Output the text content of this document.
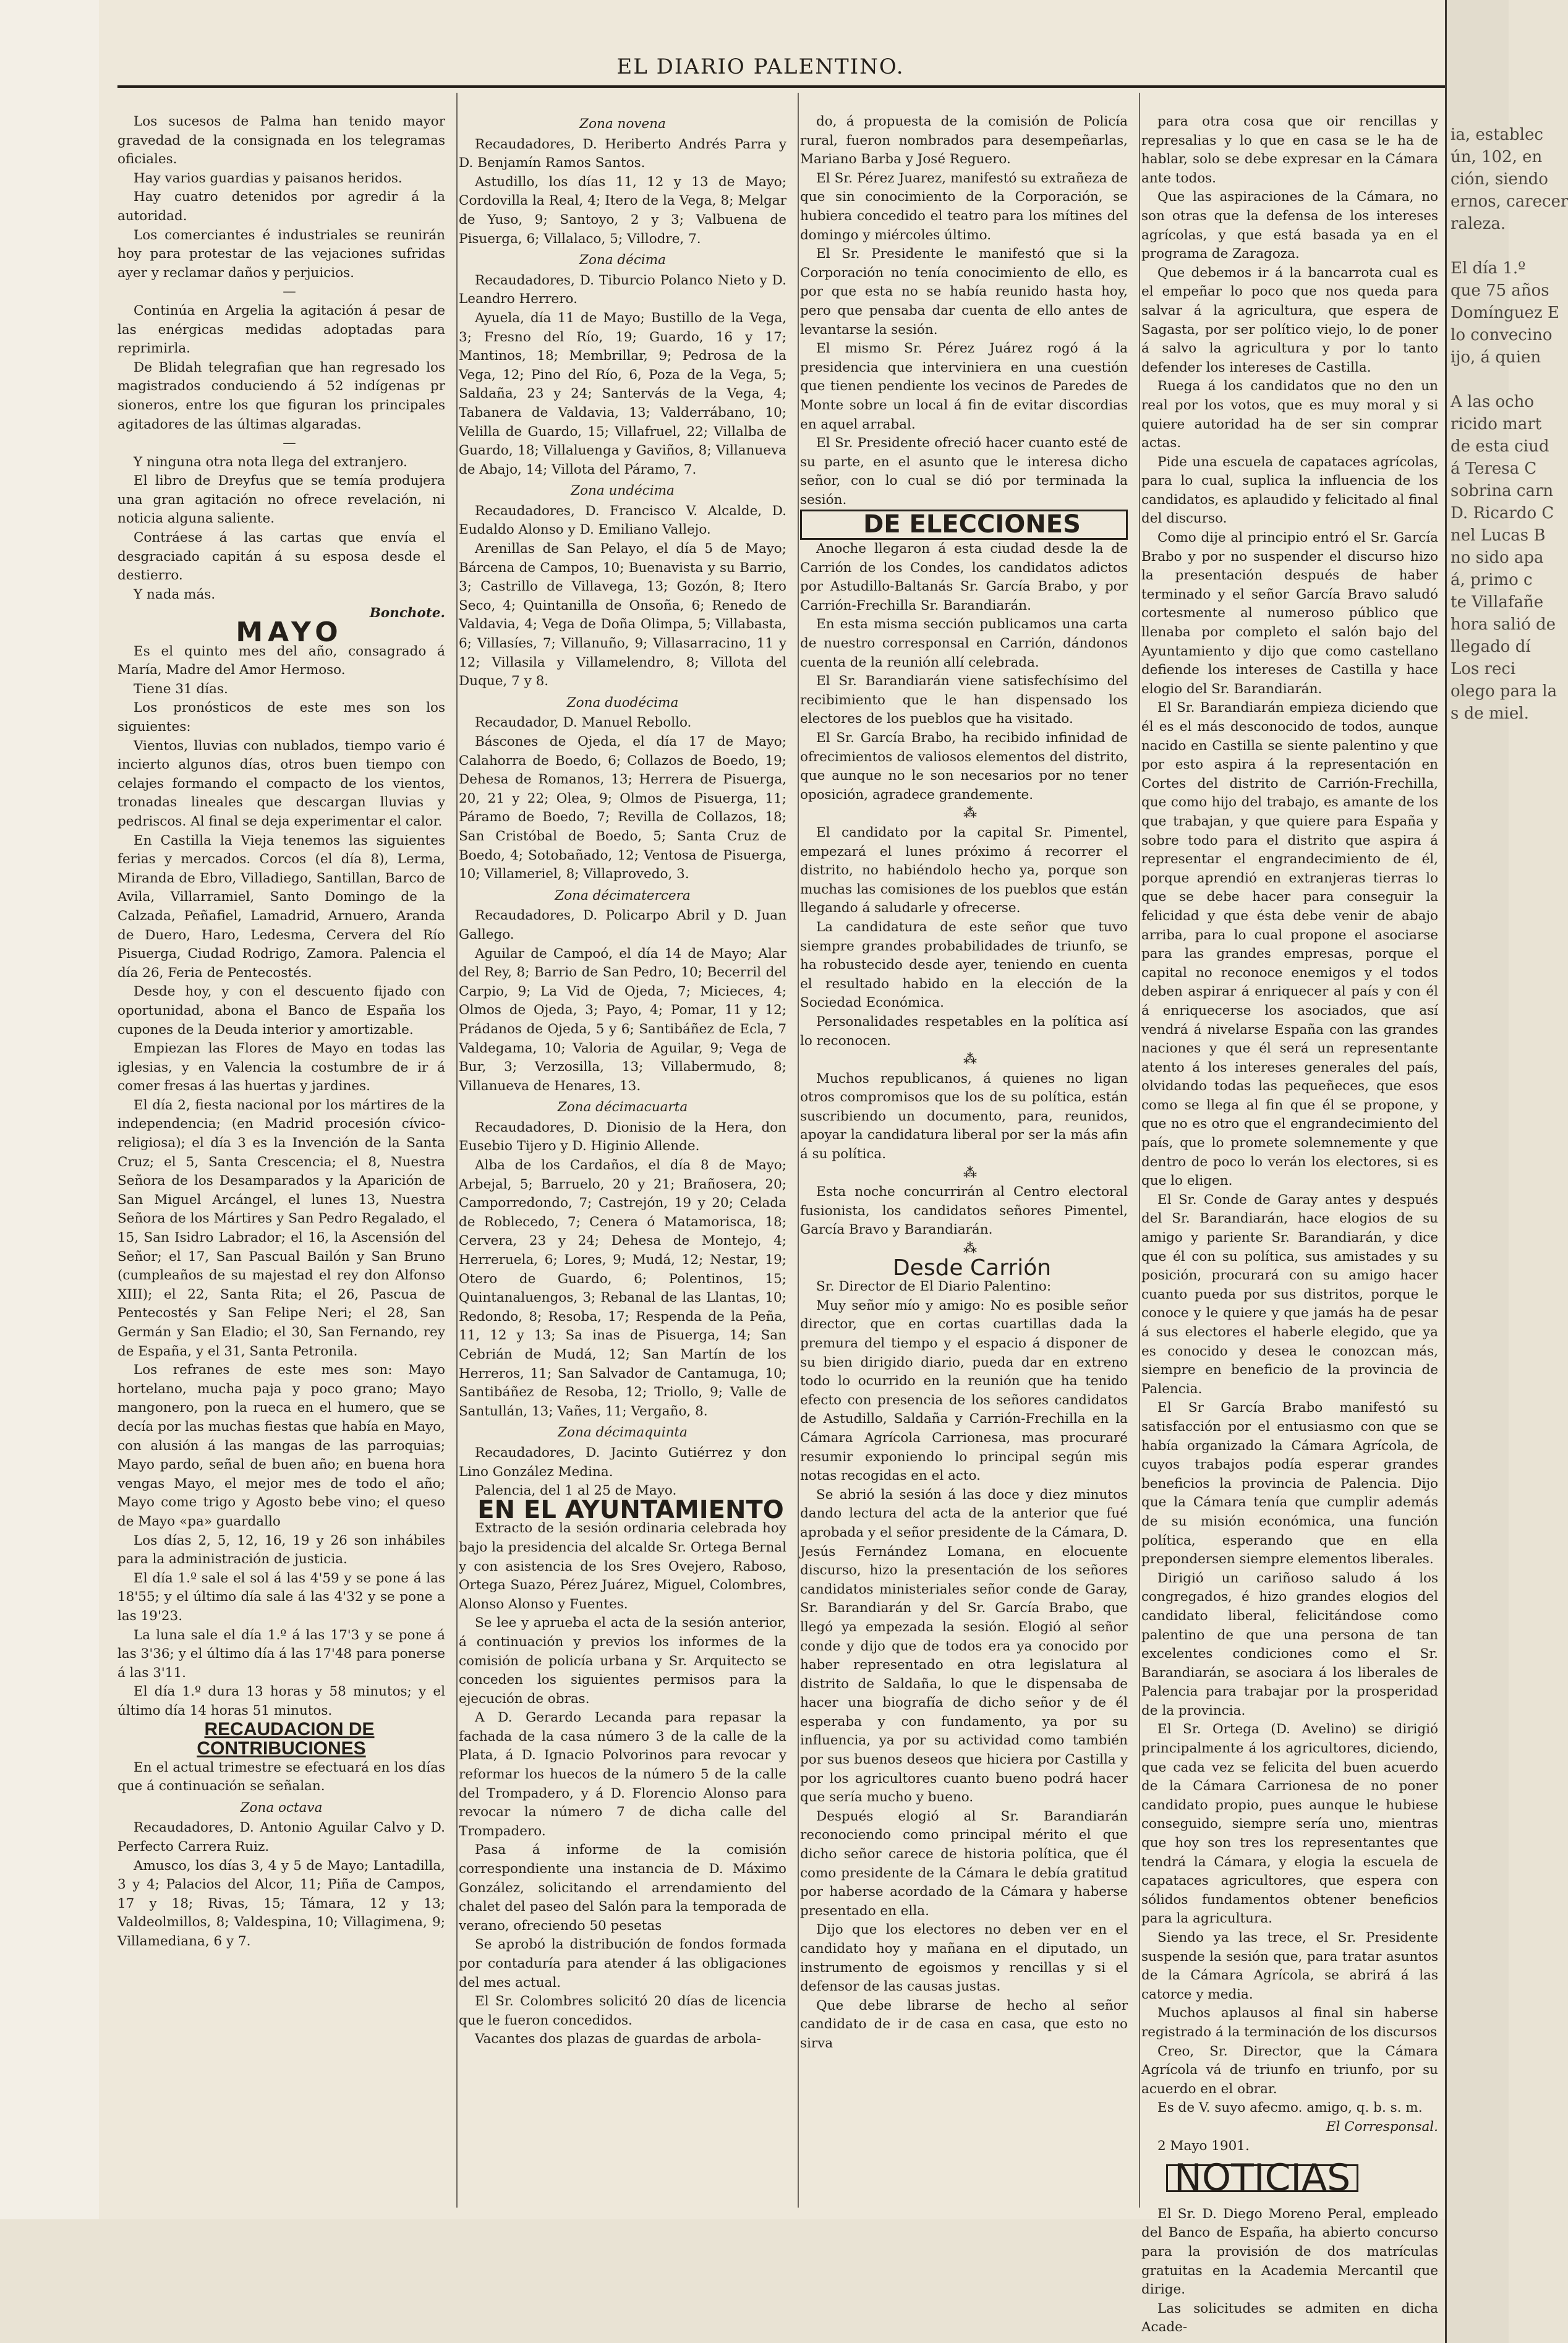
EL DIARIO PALENTINO.

Los sucesos de Palma han tenido mayor gravedad de la consignada en los telegramas oficiales.

Hay varios guardias y paisanos heridos.

Hay cuatro detenidos por agredir á la autoridad.

Los comerciantes é industriales se reunirán hoy para protestar de las vejaciones sufridas ayer y reclamar daños y perjuicios.

—

Continúa en Argelia la agitación á pesar de las enérgicas medidas adoptadas para reprimirla.

De Blidah telegrafian que han regresado los magistrados conduciendo á 52 indígenas pr sioneros, entre los que figuran los principales agitadores de las últimas algaradas.

—

Y ninguna otra nota llega del extranjero.

El libro de Dreyfus que se temía produjera una gran agitación no ofrece revelación, ni noticia alguna saliente.

Contráese á las cartas que envía el desgraciado capitán á su esposa desde el destierro.

Y nada más.

Bonchote.

MAYO

Es el quinto mes del año, consagrado á María, Madre del Amor Hermoso.

Tiene 31 días.

Los pronósticos de este mes son los siguientes:

Vientos, lluvias con nublados, tiempo vario é incierto algunos días, otros buen tiempo con celajes formando el compacto de los vientos, tronadas lineales que descargan lluvias y pedriscos. Al final se deja experimentar el calor.

En Castilla la Vieja tenemos las siguientes ferias y mercados. Corcos (el día 8), Lerma, Miranda de Ebro, Villadiego, Santillan, Barco de Avila, Villarramiel, Santo Domingo de la Calzada, Peñafiel, Lamadrid, Arnuero, Aranda de Duero, Haro, Ledesma, Cervera del Río Pisuerga, Ciudad Rodrigo, Zamora. Palencia el día 26, Feria de Pentecostés.

Desde hoy, y con el descuento fijado con oportunidad, abona el Banco de España los cupones de la Deuda interior y amortizable.

Empiezan las Flores de Mayo en todas las iglesias, y en Valencia la costumbre de ir á comer fresas á las huertas y jardines.

El día 2, fiesta nacional por los mártires de la independencia; (en Madrid procesión cívico-religiosa); el día 3 es la Invención de la Santa Cruz; el 5, Santa Crescencia; el 8, Nuestra Señora de los Desamparados y la Aparición de San Miguel Arcángel, el lunes 13, Nuestra Señora de los Mártires y San Pedro Regalado, el 15, San Isidro Labrador; el 16, la Ascensión del Señor; el 17, San Pascual Bailón y San Bruno (cumpleaños de su majestad el rey don Alfonso XIII); el 22, Santa Rita; el 26, Pascua de Pentecostés y San Felipe Neri; el 28, San Germán y San Eladio; el 30, San Fernando, rey de España, y el 31, Santa Petronila.

Los refranes de este mes son: Mayo hortelano, mucha paja y poco grano; Mayo mangonero, pon la rueca en el humero, que se decía por las muchas fiestas que había en Mayo, con alusión á las mangas de las parroquias; Mayo pardo, señal de buen año; en buena hora vengas Mayo, el mejor mes de todo el año; Mayo come trigo y Agosto bebe vino; el queso de Mayo «pa» guardallo

Los días 2, 5, 12, 16, 19 y 26 son inhábiles para la administración de justicia.

El día 1.º sale el sol á las 4'59 y se pone á las 18'55; y el último día sale á las 4'32 y se pone a las 19'23.

La luna sale el día 1.º á las 17'3 y se pone á las 3'36; y el último día á las 17'48 para ponerse á las 3'11.

El día 1.º dura 13 horas y 58 minutos; y el último día 14 horas 51 minutos.

RECAUDACION DE CONTRIBUCIONES

En el actual trimestre se efectuará en los días que á continuación se señalan.

Zona octava

Recaudadores, D. Antonio Aguilar Calvo y D. Perfecto Carrera Ruiz.

Amusco, los días 3, 4 y 5 de Mayo; Lantadilla, 3 y 4; Palacios del Alcor, 11; Piña de Campos, 17 y 18; Rivas, 15; Támara, 12 y 13; Valdeolmillos, 8; Valdespina, 10; Villagimena, 9; Villamediana, 6 y 7.

Zona novena

Recaudadores, D. Heriberto Andrés Parra y D. Benjamín Ramos Santos.

Astudillo, los días 11, 12 y 13 de Mayo; Cordovilla la Real, 4; Itero de la Vega, 8; Melgar de Yuso, 9; Santoyo, 2 y 3; Valbuena de Pisuerga, 6; Villalaco, 5; Villodre, 7.

Zona décima

Recaudadores, D. Tiburcio Polanco Nieto y D. Leandro Herrero.

Ayuela, día 11 de Mayo; Bustillo de la Vega, 3; Fresno del Río, 19; Guardo, 16 y 17; Mantinos, 18; Membrillar, 9; Pedrosa de la Vega, 12; Pino del Río, 6, Poza de la Vega, 5; Saldaña, 23 y 24; Santervás de la Vega, 4; Tabanera de Valdavia, 13; Valderrábano, 10; Velilla de Guardo, 15; Villafruel, 22; Villalba de Guardo, 18; Villaluenga y Gaviños, 8; Villanueva de Abajo, 14; Villota del Páramo, 7.

Zona undécima

Recaudadores, D. Francisco V. Alcalde, D. Eudaldo Alonso y D. Emiliano Vallejo.

Arenillas de San Pelayo, el día 5 de Mayo; Bárcena de Campos, 10; Buenavista y su Barrio, 3; Castrillo de Villavega, 13; Gozón, 8; Itero Seco, 4; Quintanilla de Onsoña, 6; Renedo de Valdavia, 4; Vega de Doña Olimpa, 5; Villabasta, 6; Villasíes, 7; Villanuño, 9; Villasarracino, 11 y 12; Villasila y Villamelendro, 8; Villota del Duque, 7 y 8.

Zona duodécima

Recaudador, D. Manuel Rebollo.

Báscones de Ojeda, el día 17 de Mayo; Calahorra de Boedo, 6; Collazos de Boedo, 19; Dehesa de Romanos, 13; Herrera de Pisuerga, 20, 21 y 22; Olea, 9; Olmos de Pisuerga, 11; Páramo de Boedo, 7; Revilla de Collazos, 18; San Cristóbal de Boedo, 5; Santa Cruz de Boedo, 4; Sotobañado, 12; Ventosa de Pisuerga, 10; Villameriel, 8; Villaprovedo, 3.

Zona décimatercera

Recaudadores, D. Policarpo Abril y D. Juan Gallego.

Aguilar de Campoó, el día 14 de Mayo; Alar del Rey, 8; Barrio de San Pedro, 10; Becerril del Carpio, 9; La Vid de Ojeda, 7; Micieces, 4; Olmos de Ojeda, 3; Payo, 4; Pomar, 11 y 12; Prádanos de Ojeda, 5 y 6; Santibáñez de Ecla, 7 Valdegama, 10; Valoria de Aguilar, 9; Vega de Bur, 3; Verzosilla, 13; Villabermudo, 8; Villanueva de Henares, 13.

Zona décimacuarta

Recaudadores, D. Dionisio de la Hera, don Eusebio Tijero y D. Higinio Allende.

Alba de los Cardaños, el día 8 de Mayo; Arbejal, 5; Barruelo, 20 y 21; Brañosera, 20; Camporredondo, 7; Castrejón, 19 y 20; Celada de Roblecedo, 7; Cenera ó Matamorisca, 18; Cervera, 23 y 24; Dehesa de Montejo, 4; Herreruela, 6; Lores, 9; Mudá, 12; Nestar, 19; Otero de Guardo, 6; Polentinos, 15; Quintanaluengos, 3; Rebanal de las Llantas, 10; Redondo, 8; Resoba, 17; Respenda de la Peña, 11, 12 y 13; Sa inas de Pisuerga, 14; San Cebrián de Mudá, 12; San Martín de los Herreros, 11; San Salvador de Cantamuga, 10; Santibáñez de Resoba, 12; Triollo, 9; Valle de Santullán, 13; Vañes, 11; Vergaño, 8.

Zona décimaquinta

Recaudadores, D. Jacinto Gutiérrez y don Lino González Medina.

Palencia, del 1 al 25 de Mayo.

EN EL AYUNTAMIENTO

Extracto de la sesión ordinaria celebrada hoy bajo la presidencia del alcalde Sr. Ortega Bernal y con asistencia de los Sres Ovejero, Raboso, Ortega Suazo, Pérez Juárez, Miguel, Colombres, Alonso Alonso y Fuentes.

Se lee y aprueba el acta de la sesión anterior, á continuación y previos los informes de la comisión de policía urbana y Sr. Arquitecto se conceden los siguientes permisos para la ejecución de obras.

A D. Gerardo Lecanda para repasar la fachada de la casa número 3 de la calle de la Plata, á D. Ignacio Polvorinos para revocar y reformar los huecos de la número 5 de la calle del Trompadero, y á D. Florencio Alonso para revocar la número 7 de dicha calle del Trompadero.

Pasa á informe de la comisión correspondiente una instancia de D. Máximo González, solicitando el arrendamiento del chalet del paseo del Salón para la temporada de verano, ofreciendo 50 pesetas

Se aprobó la distribución de fondos formada por contaduría para atender á las obligaciones del mes actual.

El Sr. Colombres solicitó 20 días de licencia que le fueron concedidos.

Vacantes dos plazas de guardas de arbola-

do, á propuesta de la comisión de Policía rural, fueron nombrados para desempeñarlas, Mariano Barba y José Reguero.

El Sr. Pérez Juarez, manifestó su extrañeza de que sin conocimiento de la Corporación, se hubiera concedido el teatro para los mítines del domingo y miércoles último.

El Sr. Presidente le manifestó que si la Corporación no tenía conocimiento de ello, es por que esta no se había reunido hasta hoy, pero que pensaba dar cuenta de ello antes de levantarse la sesión.

El mismo Sr. Pérez Juárez rogó á la presidencia que interviniera en una cuestión que tienen pendiente los vecinos de Paredes de Monte sobre un local á fin de evitar discordias en aquel arrabal.

El Sr. Presidente ofreció hacer cuanto esté de su parte, en el asunto que le interesa dicho señor, con lo cual se dió por terminada la sesión.

DE ELECCIONES

Anoche llegaron á esta ciudad desde la de Carrión de los Condes, los candidatos adictos por Astudillo-Baltanás Sr. García Brabo, y por Carrión-Frechilla Sr. Barandiarán.

En esta misma sección publicamos una carta de nuestro corresponsal en Carrión, dándonos cuenta de la reunión allí celebrada.

El Sr. Barandiarán viene satisfechísimo del recibimiento que le han dispensado los electores de los pueblos que ha visitado.

El Sr. García Brabo, ha recibido infinidad de ofrecimientos de valiosos elementos del distrito, que aunque no le son necesarios por no tener oposición, agradece grandemente.

⁂

El candidato por la capital Sr. Pimentel, empezará el lunes próximo á recorrer el distrito, no habiéndolo hecho ya, porque son muchas las comisiones de los pueblos que están llegando á saludarle y ofrecerse.

La candidatura de este señor que tuvo siempre grandes probabilidades de triunfo, se ha robustecido desde ayer, teniendo en cuenta el resultado habido en la elección de la Sociedad Económica.

Personalidades respetables en la política así lo reconocen.

⁂

Muchos republicanos, á quienes no ligan otros compromisos que los de su política, están suscribiendo un documento, para, reunidos, apoyar la candidatura liberal por ser la más afin á su política.

⁂

Esta noche concurrirán al Centro electoral fusionista, los candidatos señores Pimentel, García Bravo y Barandiarán.

⁂

Desde Carrión

Sr. Director de El Diario Palentino:

Muy señor mío y amigo: No es posible señor director, que en cortas cuartillas dada la premura del tiempo y el espacio á disponer de su bien dirigido diario, pueda dar en extreno todo lo ocurrido en la reunión que ha tenido efecto con presencia de los señores candidatos de Astudillo, Saldaña y Carrión-Frechilla en la Cámara Agrícola Carrionesa, mas procuraré resumir exponiendo lo principal según mis notas recogidas en el acto.

Se abrió la sesión á las doce y diez minutos dando lectura del acta de la anterior que fué aprobada y el señor presidente de la Cámara, D. Jesús Fernández Lomana, en elocuente discurso, hizo la presentación de los señores candidatos ministeriales señor conde de Garay, Sr. Barandiarán y del Sr. García Brabo, que llegó ya empezada la sesión. Elogió al señor conde y dijo que de todos era ya conocido por haber representado en otra legislatura al distrito de Saldaña, lo que le dispensaba de hacer una biografía de dicho señor y de él esperaba y con fundamento, ya por su influencia, ya por su actividad como también por sus buenos deseos que hiciera por Castilla y por los agricultores cuanto bueno podrá hacer que sería mucho y bueno.

Después elogió al Sr. Barandiarán reconociendo como principal mérito el que dicho señor carece de historia política, que él como presidente de la Cámara le debía gratitud por haberse acordado de la Cámara y haberse presentado en ella.

Dijo que los electores no deben ver en el candidato hoy y mañana en el diputado, un instrumento de egoismos y rencillas y si el defensor de las causas justas.

Que debe librarse de hecho al señor candidato de ir de casa en casa, que esto no sirva

para otra cosa que oir rencillas y represalias y lo que en casa se le ha de hablar, solo se debe expresar en la Cámara ante todos.

Que las aspiraciones de la Cámara, no son otras que la defensa de los intereses agrícolas, y que está basada ya en el programa de Zaragoza.

Que debemos ir á la bancarrota cual es el empeñar lo poco que nos queda para salvar á la agricultura, que espera de Sagasta, por ser político viejo, lo de poner á salvo la agricultura y por lo tanto defender los intereses de Castilla.

Ruega á los candidatos que no den un real por los votos, que es muy moral y si quiere autoridad ha de ser sin comprar actas.

Pide una escuela de capataces agrícolas, para lo cual, suplica la influencia de los candidatos, es aplaudido y felicitado al final del discurso.

Como dije al principio entró el Sr. García Brabo y por no suspender el discurso hizo la presentación después de haber terminado y el señor García Bravo saludó cortesmente al numeroso público que llenaba por completo el salón bajo del Ayuntamiento y dijo que como castellano defiende los intereses de Castilla y hace elogio del Sr. Barandiarán.

El Sr. Barandiarán empieza diciendo que él es el más desconocido de todos, aunque nacido en Castilla se siente palentino y que por esto aspira á la representación en Cortes del distrito de Carrión-Frechilla, que como hijo del trabajo, es amante de los que trabajan, y que quiere para España y sobre todo para el distrito que aspira á representar el engrandecimiento de él, porque aprendió en extranjeras tierras lo que se debe hacer para conseguir la felicidad y que ésta debe venir de abajo arriba, para lo cual propone el asociarse para las grandes empresas, porque el capital no reconoce enemigos y el todos deben aspirar á enriquecer al país y con él á enriquecerse los asociados, que así vendrá á nivelarse España con las grandes naciones y que él será un representante atento á los intereses generales del país, olvidando todas las pequeñeces, que esos como se llega al fin que él se propone, y que no es otro que el engrandecimiento del país, que lo promete solemnemente y que dentro de poco lo verán los electores, si es que lo eligen.

El Sr. Conde de Garay antes y después del Sr. Barandiarán, hace elogios de su amigo y pariente Sr. Barandiarán, y dice que él con su política, sus amistades y su posición, procurará con su amigo hacer cuanto pueda por sus distritos, porque le conoce y le quiere y que jamás ha de pesar á sus electores el haberle elegido, que ya es conocido y desea le conozcan más, siempre en beneficio de la provincia de Palencia.

El Sr García Brabo manifestó su satisfacción por el entusiasmo con que se había organizado la Cámara Agrícola, de cuyos trabajos podía esperar grandes beneficios la provincia de Palencia. Dijo que la Cámara tenía que cumplir además de su misión económica, una función política, esperando que en ella prepondersen siempre elementos liberales.

Dirigió un cariñoso saludo á los congregados, é hizo grandes elogios del candidato liberal, felicitándose como palentino de que una persona de tan excelentes condiciones como el Sr. Barandiarán, se asociara á los liberales de Palencia para trabajar por la prosperidad de la provincia.

El Sr. Ortega (D. Avelino) se dirigió principalmente á los agricultores, diciendo, que cada vez se felicita del buen acuerdo de la Cámara Carrionesa de no poner candidato propio, pues aunque le hubiese conseguido, siempre sería uno, mientras que hoy son tres los representantes que tendrá la Cámara, y elogia la escuela de capataces agricultores, que espera con sólidos fundamentos obtener beneficios para la agricultura.

Siendo ya las trece, el Sr. Presidente suspende la sesión que, para tratar asuntos de la Cámara Agrícola, se abrirá á las catorce y media.

Muchos aplausos al final sin haberse registrado á la terminación de los discursos

Creo, Sr. Director, que la Cámara Agrícola vá de triunfo en triunfo, por su acuerdo en el obrar.

Es de V. suyo afecmo. amigo, q. b. s. m.

El Corresponsal.

2 Mayo 1901.

NOTICIAS

El Sr. D. Diego Moreno Peral, empleado del Banco de España, ha abierto concurso para la provisión de dos matrículas gratuitas en la Academia Mercantil que dirige.

Las solicitudes se admiten en dicha Acade-

ia, establec

ún, 102, en

ción, siendo

ernos, carecer

raleza.

El día 1.º

que 75 años

Domínguez E

lo convecino

ijo, á quien

A las ocho

ricido mart

de esta ciud

á Teresa C

sobrina carn

D. Ricardo C

nel Lucas B

no sido apa

á, primo c

te Villafañe

hora salió de

llegado dí

Los reci

olego para la

s de miel.
